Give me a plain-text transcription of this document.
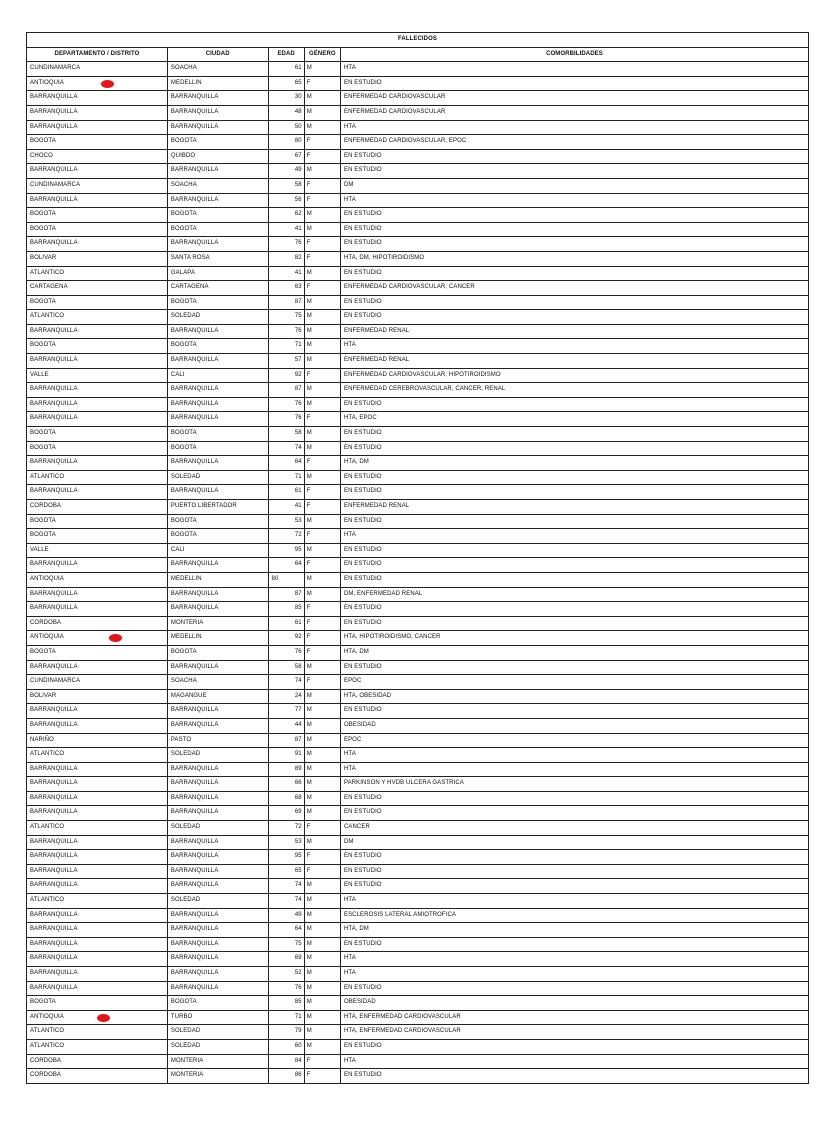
FALLECIDOS				
DEPARTAMENTO / DISTRITO	CIUDAD	EDAD	GÉNERO	COMORBILIDADES
CUNDINAMARCA	SOACHA	61	M	HTA
ANTIOQUIA	MEDELLIN	65	F	EN ESTUDIO
BARRANQUILLA	BARRANQUILLA	30	M	ENFERMEDAD CARDIOVASCULAR
BARRANQUILLA	BARRANQUILLA	48	M	ENFERMEDAD CARDIOVASCULAR
BARRANQUILLA	BARRANQUILLA	50	M	HTA
BOGOTA	BOGOTA	80	F	ENFERMEDAD CARDIOVASCULAR, EPOC
CHOCO	QUIBDO	67	F	EN ESTUDIO
BARRANQUILLA	BARRANQUILLA	49	M	EN ESTUDIO
CUNDINAMARCA	SOACHA	58	F	DM
BARRANQUILLA	BARRANQUILLA	56	F	HTA
BOGOTA	BOGOTA	62	M	EN ESTUDIO
BOGOTA	BOGOTA	41	M	EN ESTUDIO
BARRANQUILLA	BARRANQUILLA	76	F	EN ESTUDIO
BOLIVAR	SANTA ROSA	82	F	HTA, DM, HIPOTIROIDISMO
ATLANTICO	GALAPA	41	M	EN ESTUDIO
CARTAGENA	CARTAGENA	63	F	ENFERMEDAD CARDIOVASCULAR, CANCER
BOGOTA	BOGOTA	87	M	EN ESTUDIO
ATLANTICO	SOLEDAD	75	M	EN ESTUDIO
BARRANQUILLA	BARRANQUILLA	76	M	ENFERMEDAD RENAL
BOGOTA	BOGOTA	71	M	HTA
BARRANQUILLA	BARRANQUILLA	57	M	ENFERMEDAD RENAL
VALLE	CALI	92	F	ENFERMEDAD CARDIOVASCULAR, HIPOTIROIDISMO
BARRANQUILLA	BARRANQUILLA	87	M	ENFERMEDAD CEREBROVASCULAR, CANCER, RENAL
BARRANQUILLA	BARRANQUILLA	76	M	EN ESTUDIO
BARRANQUILLA	BARRANQUILLA	76	F	HTA, EPOC
BOGOTA	BOGOTA	58	M	EN ESTUDIO
BOGOTA	BOGOTA	74	M	EN ESTUDIO
BARRANQUILLA	BARRANQUILLA	64	F	HTA, DM
ATLANTICO	SOLEDAD	71	M	EN ESTUDIO
BARRANQUILLA	BARRANQUILLA	61	F	EN ESTUDIO
CORDOBA	PUERTO LIBERTADOR	41	F	ENFERMEDAD RENAL
BOGOTA	BOGOTA	53	M	EN ESTUDIO
BOGOTA	BOGOTA	72	F	HTA
VALLE	CALI	95	M	EN ESTUDIO
BARRANQUILLA	BARRANQUILLA	64	F	EN ESTUDIO
ANTIOQUIA	MEDELLIN	80	M	EN ESTUDIO
BARRANQUILLA	BARRANQUILLA	87	M	DM, ENFERMEDAD RENAL
BARRANQUILLA	BARRANQUILLA	85	F	EN ESTUDIO
CORDOBA	MONTERIA	61	F	EN ESTUDIO
ANTIOQUIA	MEDELLIN	92	F	HTA, HIPOTIROIDISMO, CANCER
BOGOTA	BOGOTA	76	F	HTA, DM
BARRANQUILLA	BARRANQUILLA	58	M	EN ESTUDIO
CUNDINAMARCA	SOACHA	74	F	EPOC
BOLIVAR	MAGANGUE	24	M	HTA, OBESIDAD
BARRANQUILLA	BARRANQUILLA	77	M	EN ESTUDIO
BARRANQUILLA	BARRANQUILLA	44	M	OBESIDAD
NARIÑO	PASTO	87	M	EPOC
ATLANTICO	SOLEDAD	91	M	HTA
BARRANQUILLA	BARRANQUILLA	89	M	HTA
BARRANQUILLA	BARRANQUILLA	66	M	PARKINSON Y HVDB ULCERA GASTRICA
BARRANQUILLA	BARRANQUILLA	68	M	EN ESTUDIO
BARRANQUILLA	BARRANQUILLA	69	M	EN ESTUDIO
ATLANTICO	SOLEDAD	72	F	CANCER
BARRANQUILLA	BARRANQUILLA	53	M	DM
BARRANQUILLA	BARRANQUILLA	95	F	EN ESTUDIO
BARRANQUILLA	BARRANQUILLA	65	F	EN ESTUDIO
BARRANQUILLA	BARRANQUILLA	74	M	EN ESTUDIO
ATLANTICO	SOLEDAD	74	M	HTA
BARRANQUILLA	BARRANQUILLA	49	M	ESCLEROSIS LATERAL AMIOTROFICA
BARRANQUILLA	BARRANQUILLA	64	M	HTA, DM
BARRANQUILLA	BARRANQUILLA	75	M	EN ESTUDIO
BARRANQUILLA	BARRANQUILLA	69	M	HTA
BARRANQUILLA	BARRANQUILLA	52	M	HTA
BARRANQUILLA	BARRANQUILLA	76	M	EN ESTUDIO
BOGOTA	BOGOTA	85	M	OBESIDAD
ANTIOQUIA	TURBO	71	M	HTA, ENFERMEDAD CARDIOVASCULAR
ATLANTICO	SOLEDAD	79	M	HTA, ENFERMEDAD CARDIOVASCULAR
ATLANTICO	SOLEDAD	60	M	EN ESTUDIO
CORDOBA	MONTERIA	84	F	HTA
CORDOBA	MONTERIA	86	F	EN ESTUDIO
